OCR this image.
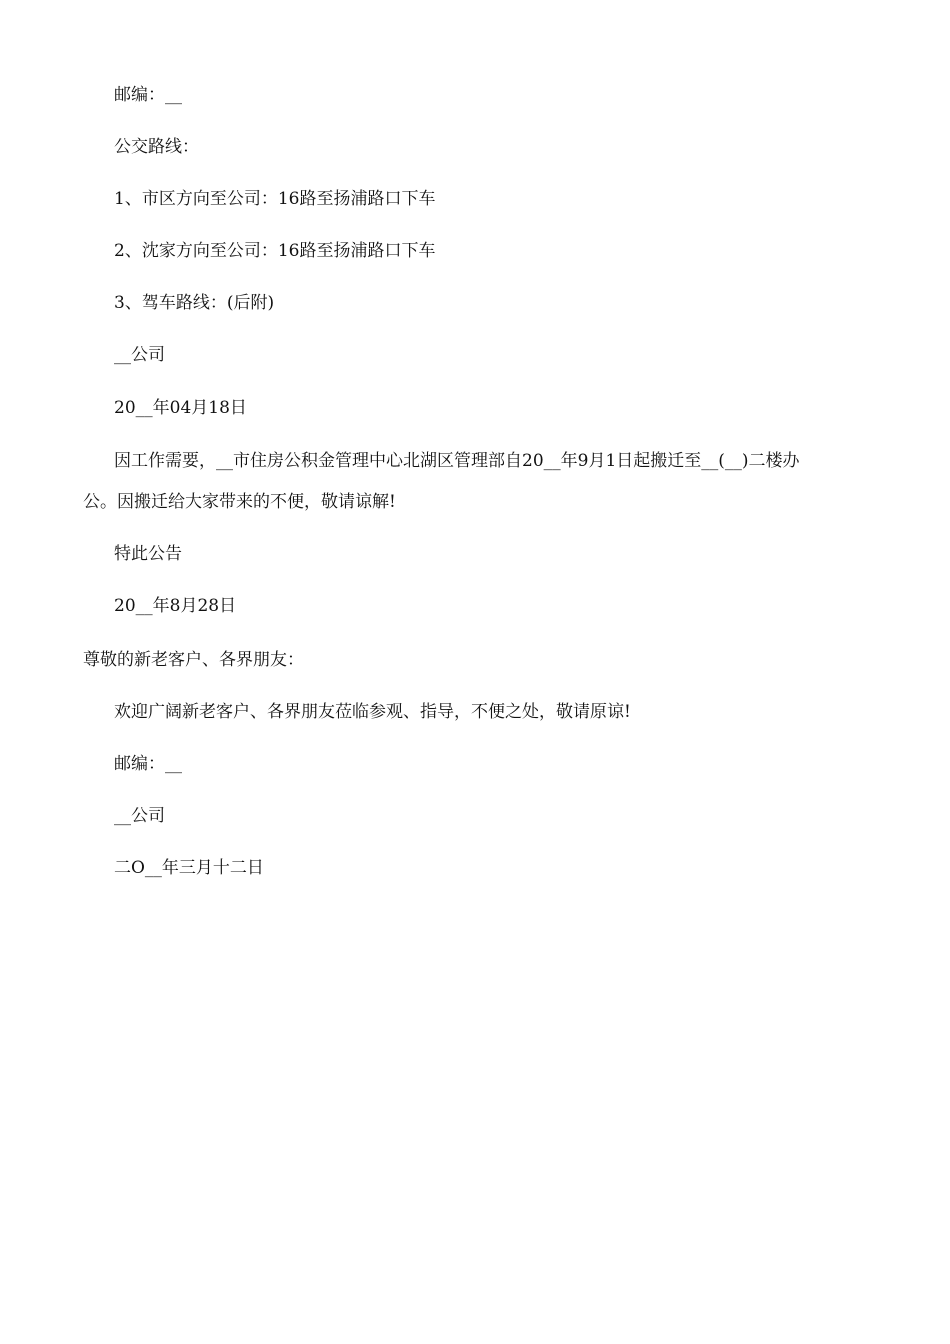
邮编：__
公交路线：
1、市区方向至公司：16路至扬浦路口下车
2、沈家方向至公司：16路至扬浦路口下车
3、驾车路线：(后附)
__公司
20__年04月18日
因工作需要，__市住房公积金管理中心北湖区管理部自20__年9月1日起搬迁至__(__)二楼办
公。因搬迁给大家带来的不便，敬请谅解!
特此公告
20__年8月28日
尊敬的新老客户、各界朋友：
欢迎广阔新老客户、各界朋友莅临参观、指导，不便之处，敬请原谅!
邮编：__
__公司
二O__年三月十二日
